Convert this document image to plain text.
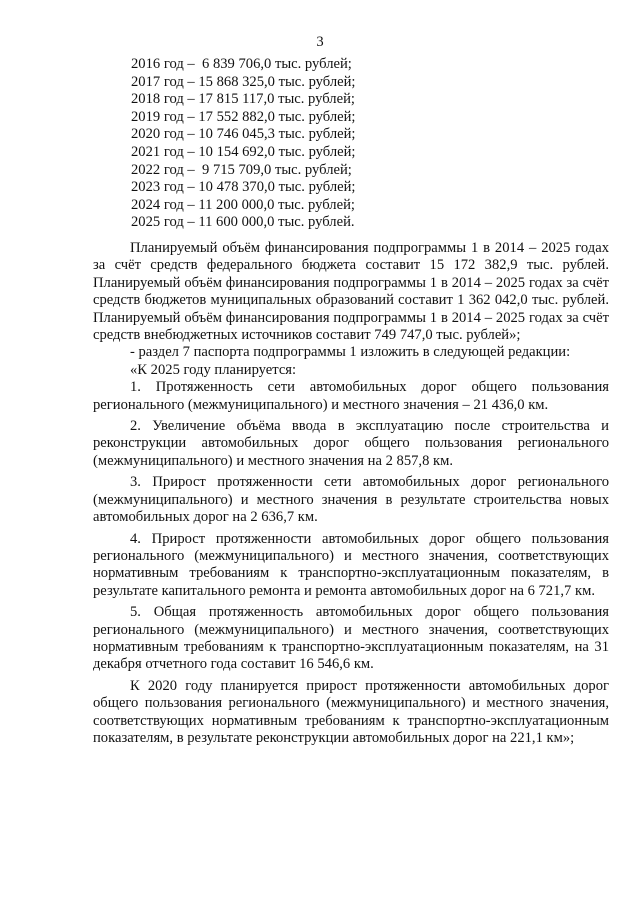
3
2016 год –  6 839 706,0 тыс. рублей;
2017 год – 15 868 325,0 тыс. рублей;
2018 год – 17 815 117,0 тыс. рублей;
2019 год – 17 552 882,0 тыс. рублей;
2020 год – 10 746 045,3 тыс. рублей;
2021 год – 10 154 692,0 тыс. рублей;
2022 год –  9 715 709,0 тыс. рублей;
2023 год – 10 478 370,0 тыс. рублей;
2024 год – 11 200 000,0 тыс. рублей;
2025 год – 11 600 000,0 тыс. рублей.

Планируемый объём финансирования подпрограммы 1 в 2014 – 2025 годах за счёт средств федерального бюджета составит 15 172 382,9 тыс. рублей. Планируемый объём финансирования подпрограммы 1 в 2014 – 2025 годах за счёт средств бюджетов муниципальных образований составит 1 362 042,0 тыс. рублей. Планируемый объём финансирования подпрограммы 1 в 2014 – 2025 годах за счёт средств внебюджетных источников составит 749 747,0 тыс. рублей»;

- раздел 7 паспорта подпрограммы 1 изложить в следующей редакции:

«К 2025 году планируется:

1. Протяженность сети автомобильных дорог общего пользования регионального (межмуниципального) и местного значения – 21 436,0 км.

2. Увеличение объёма ввода в эксплуатацию после строительства и реконструкции автомобильных дорог общего пользования регионального (межмуниципального) и местного значения на 2 857,8 км.

3. Прирост протяженности сети автомобильных дорог регионального (межмуниципального) и местного значения в результате строительства новых автомобильных дорог на 2 636,7 км.

4. Прирост протяженности автомобильных дорог общего пользования регионального (межмуниципального) и местного значения, соответствующих нормативным требованиям к транспортно-эксплуатационным показателям, в результате капитального ремонта и ремонта автомобильных дорог на 6 721,7 км.

5. Общая протяженность автомобильных дорог общего пользования регионального (межмуниципального) и местного значения, соответствующих нормативным требованиям к транспортно-эксплуатационным показателям, на 31 декабря отчетного года составит 16 546,6 км.

К 2020 году планируется прирост протяженности автомобильных дорог общего пользования регионального (межмуниципального) и местного значения, соответствующих нормативным требованиям к транспортно-эксплуатационным показателям, в результате реконструкции автомобильных дорог на 221,1 км»;
